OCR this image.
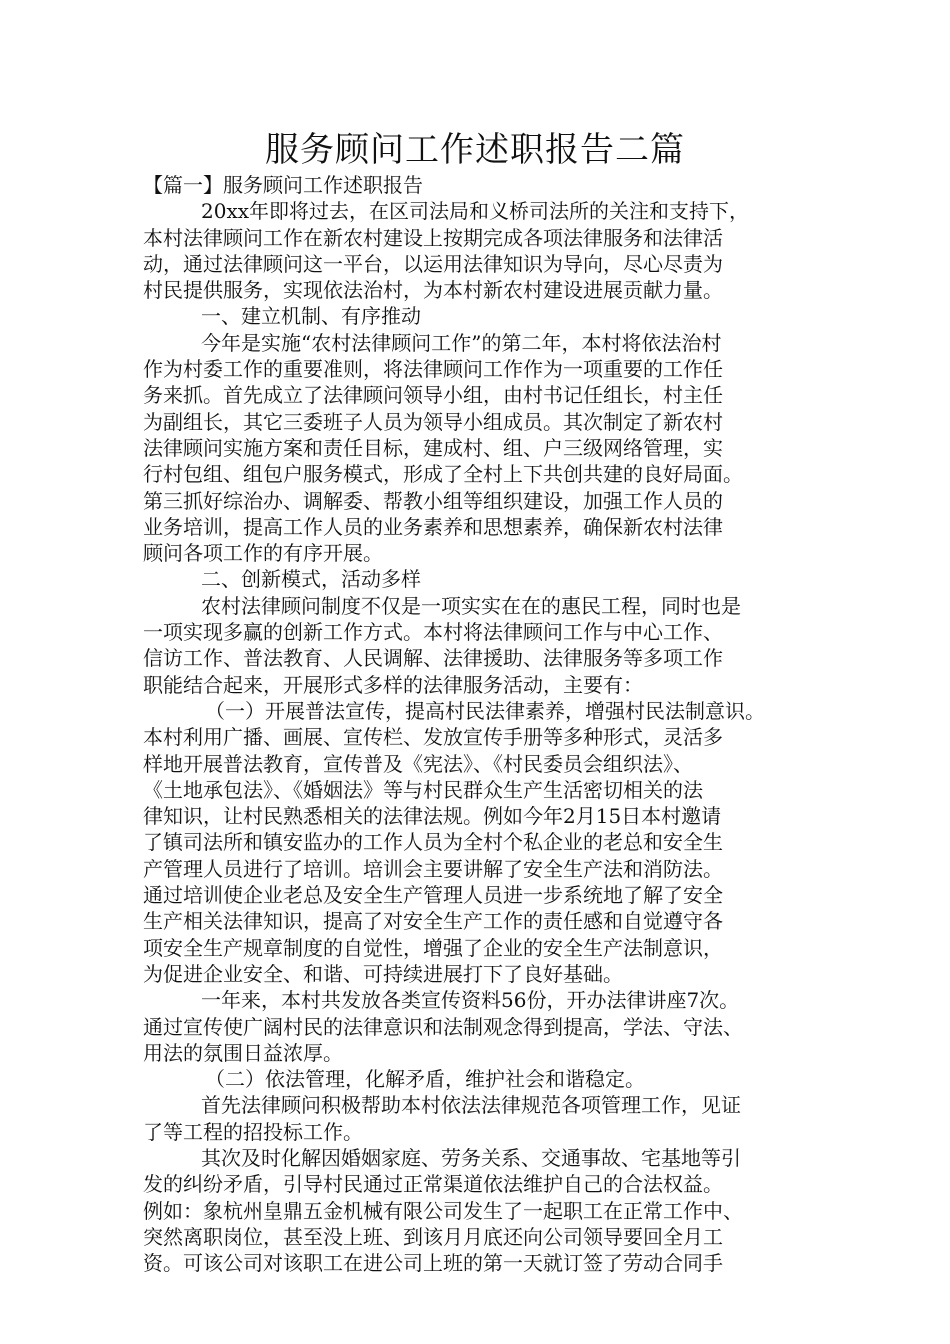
服务顾问工作述职报告二篇
【篇一】服务顾问工作述职报告
20xx年即将过去，在区司法局和义桥司法所的关注和支持下，
本村法律顾问工作在新农村建设上按期完成各项法律服务和法律活
动，通过法律顾问这一平台，以运用法律知识为导向，尽心尽责为
村民提供服务，实现依法治村，为本村新农村建设进展贡献力量。
一、建立机制、有序推动
今年是实施“农村法律顾问工作”的第二年，本村将依法治村
作为村委工作的重要准则，将法律顾问工作作为一项重要的工作任
务来抓。首先成立了法律顾问领导小组，由村书记任组长，村主任
为副组长，其它三委班子人员为领导小组成员。其次制定了新农村
法律顾问实施方案和责任目标，建成村、组、户三级网络管理，实
行村包组、组包户服务模式，形成了全村上下共创共建的良好局面。
第三抓好综治办、调解委、帮教小组等组织建设，加强工作人员的
业务培训，提高工作人员的业务素养和思想素养，确保新农村法律
顾问各项工作的有序开展。
二、创新模式，活动多样
农村法律顾问制度不仅是一项实实在在的惠民工程，同时也是
一项实现多赢的创新工作方式。本村将法律顾问工作与中心工作、
信访工作、普法教育、人民调解、法律援助、法律服务等多项工作
职能结合起来，开展形式多样的法律服务活动，主要有：
（一）开展普法宣传，提高村民法律素养，增强村民法制意识。
本村利用广播、画展、宣传栏、发放宣传手册等多种形式，灵活多
样地开展普法教育，宣传普及《宪法》、《村民委员会组织法》、
《土地承包法》、《婚姻法》等与村民群众生产生活密切相关的法
律知识，让村民熟悉相关的法律法规。例如今年2月15日本村邀请
了镇司法所和镇安监办的工作人员为全村个私企业的老总和安全生
产管理人员进行了培训。培训会主要讲解了安全生产法和消防法。
通过培训使企业老总及安全生产管理人员进一步系统地了解了安全
生产相关法律知识，提高了对安全生产工作的责任感和自觉遵守各
项安全生产规章制度的自觉性，增强了企业的安全生产法制意识，
为促进企业安全、和谐、可持续进展打下了良好基础。
一年来，本村共发放各类宣传资料56份，开办法律讲座7次。
通过宣传使广阔村民的法律意识和法制观念得到提高，学法、守法、
用法的氛围日益浓厚。
（二）依法管理，化解矛盾，维护社会和谐稳定。
首先法律顾问积极帮助本村依法法律规范各项管理工作，见证
了等工程的招投标工作。
其次及时化解因婚姻家庭、劳务关系、交通事故、宅基地等引
发的纠纷矛盾，引导村民通过正常渠道依法维护自己的合法权益。
例如：象杭州皇鼎五金机械有限公司发生了一起职工在正常工作中、
突然离职岗位，甚至没上班、到该月月底还向公司领导要回全月工
资。可该公司对该职工在进公司上班的第一天就订签了劳动合同手
